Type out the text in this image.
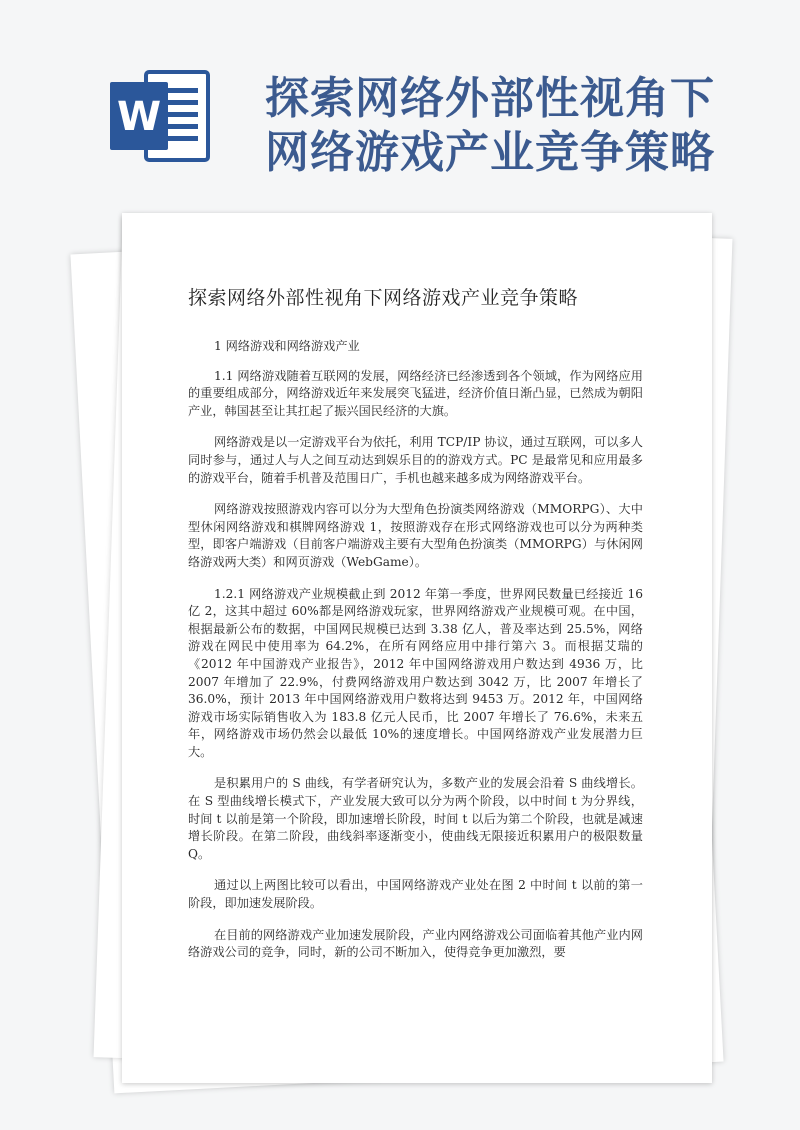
W 探索网络外部性视角下
网络游戏产业竞争策略
探索网络外部性视角下网络游戏产业竞争策略

1 网络游戏和网络游戏产业

1.1 网络游戏随着互联网的发展，网络经济已经渗透到各个领域，作为网络应用的重要组成部分，网络游戏近年来发展突飞猛进，经济价值日渐凸显，已然成为朝阳产业，韩国甚至让其扛起了振兴国民经济的大旗。

网络游戏是以一定游戏平台为依托，利用 TCP/IP 协议，通过互联网，可以多人同时参与，通过人与人之间互动达到娱乐目的的游戏方式。PC 是最常见和应用最多的游戏平台，随着手机普及范围日广，手机也越来越多成为网络游戏平台。

网络游戏按照游戏内容可以分为大型角色扮演类网络游戏（MMORPG）、大中型休闲网络游戏和棋牌网络游戏 1，按照游戏存在形式网络游戏也可以分为两种类型，即客户端游戏（目前客户端游戏主要有大型角色扮演类（MMORPG）与休闲网络游戏两大类）和网页游戏（WebGame）。

1.2.1 网络游戏产业规模截止到 2012 年第一季度，世界网民数量已经接近 16 亿 2，这其中超过 60%都是网络游戏玩家，世界网络游戏产业规模可观。在中国，根据最新公布的数据，中国网民规模已达到 3.38 亿人，普及率达到 25.5%，网络游戏在网民中使用率为 64.2%，在所有网络应用中排行第六 3。而根据艾瑞的《2012 年中国游戏产业报告》，2012 年中国网络游戏用户数达到 4936 万，比 2007 年增加了 22.9%，付费网络游戏用户数达到 3042 万，比 2007 年增长了 36.0%，预计 2013 年中国网络游戏用户数将达到 9453 万。2012 年，中国网络游戏市场实际销售收入为 183.8 亿元人民币，比 2007 年增长了 76.6%，未来五年，网络游戏市场仍然会以最低 10%的速度增长。中国网络游戏产业发展潜力巨大。

是积累用户的 S 曲线，有学者研究认为，多数产业的发展会沿着 S 曲线增长。在 S 型曲线增长模式下，产业发展大致可以分为两个阶段，以中时间 t 为分界线，时间 t 以前是第一个阶段，即加速增长阶段，时间 t 以后为第二个阶段，也就是减速增长阶段。在第二阶段，曲线斜率逐渐变小，使曲线无限接近积累用户的极限数量 Q。

通过以上两图比较可以看出，中国网络游戏产业处在图 2 中时间 t 以前的第一阶段，即加速发展阶段。

在目前的网络游戏产业加速发展阶段，产业内网络游戏公司面临着其他产业内网络游戏公司的竞争，同时，新的公司不断加入，使得竞争更加激烈，要
